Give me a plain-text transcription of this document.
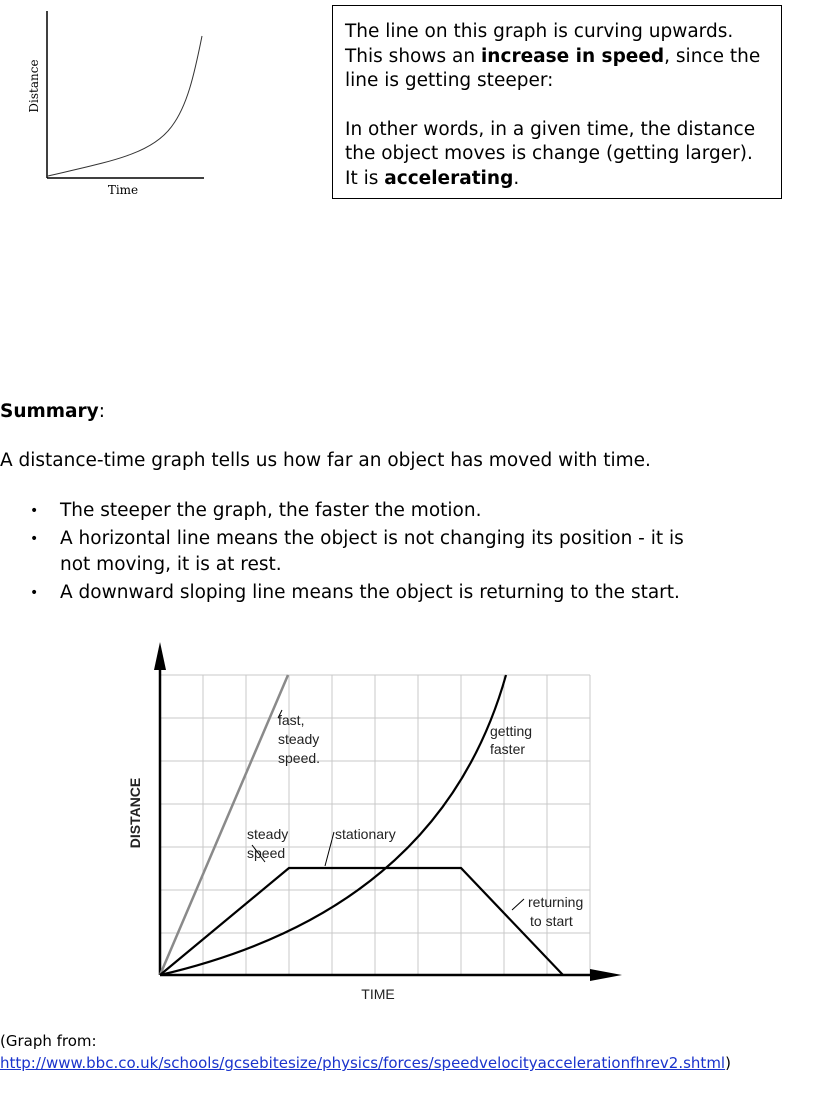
Distance
Time

The line on this graph is curving upwards. This shows an increase in speed, since the line is getting steeper:

In other words, in a given time, the distance the object moves is change (getting larger). It is accelerating.

Summary:
A distance-time graph tells us how far an object has moved with time.
• The steeper the graph, the faster the motion.
• A horizontal line means the object is not changing its position - it is not moving, it is at rest.
• A downward sloping line means the object is returning to the start.
fast, steady speed.
getting faster
steady speed
stationary
returning to start
DISTANCE
TIME
(Graph from:
http://www.bbc.co.uk/schools/gcsebitesize/physics/forces/speedvelocityaccelerationfhrev2.shtml)
